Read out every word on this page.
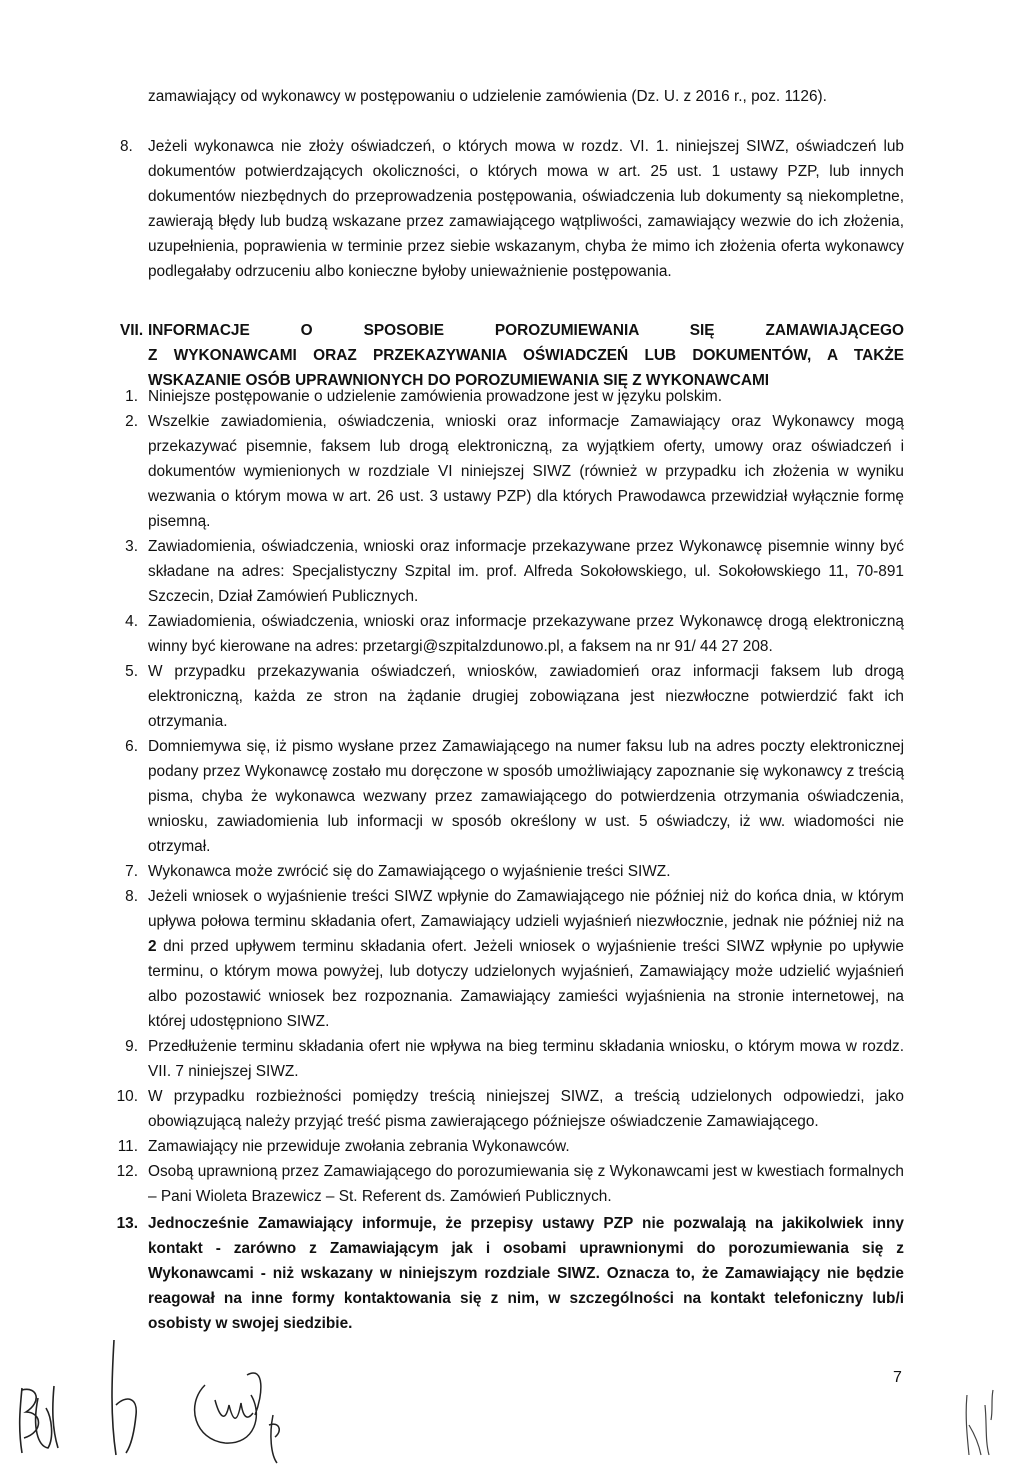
zamawiający od wykonawcy w postępowaniu o udzielenie zamówienia (Dz. U. z 2016 r., poz. 1126).
8. Jeżeli wykonawca nie złoży oświadczeń, o których mowa w rozdz. VI. 1. niniejszej SIWZ, oświadczeń lub dokumentów potwierdzających okoliczności, o których mowa w art. 25 ust. 1 ustawy PZP, lub innych dokumentów niezbędnych do przeprowadzenia postępowania, oświadczenia lub dokumenty są niekompletne, zawierają błędy lub budzą wskazane przez zamawiającego wątpliwości, zamawiający wezwie do ich złożenia, uzupełnienia, poprawienia w terminie przez siebie wskazanym, chyba że mimo ich złożenia oferta wykonawcy podlegałaby odrzuceniu albo konieczne byłoby unieważnienie postępowania.
VII. INFORMACJE O SPOSOBIE POROZUMIEWANIA SIĘ ZAMAWIAJĄCEGO
Z WYKONAWCAMI ORAZ PRZEKAZYWANIA OŚWIADCZEŃ LUB DOKUMENTÓW, A TAKŻE WSKAZANIE OSÓB UPRAWNIONYCH DO POROZUMIEWANIA SIĘ Z WYKONAWCAMI
1. Niniejsze postępowanie o udzielenie zamówienia prowadzone jest w języku polskim.
2. Wszelkie zawiadomienia, oświadczenia, wnioski oraz informacje Zamawiający oraz Wykonawcy mogą przekazywać pisemnie, faksem lub drogą elektroniczną, za wyjątkiem oferty, umowy oraz oświadczeń i dokumentów wymienionych w rozdziale VI niniejszej SIWZ (również w przypadku ich złożenia w wyniku wezwania o którym mowa w art. 26 ust. 3 ustawy PZP) dla których Prawodawca przewidział wyłącznie formę pisemną.
3. Zawiadomienia, oświadczenia, wnioski oraz informacje przekazywane przez Wykonawcę pisemnie winny być składane na adres: Specjalistyczny Szpital im. prof. Alfreda Sokołowskiego, ul. Sokołowskiego 11, 70-891 Szczecin, Dział Zamówień Publicznych.
4. Zawiadomienia, oświadczenia, wnioski oraz informacje przekazywane przez Wykonawcę drogą elektroniczną winny być kierowane na adres: przetargi@szpitalzdunowo.pl, a faksem na nr 91/ 44 27 208.
5. W przypadku przekazywania oświadczeń, wniosków, zawiadomień oraz informacji faksem lub drogą elektroniczną, każda ze stron na żądanie drugiej zobowiązana jest niezwłoczne potwierdzić fakt ich otrzymania.
6. Domniemywa się, iż pismo wysłane przez Zamawiającego na numer faksu lub na adres poczty elektronicznej podany przez Wykonawcę zostało mu doręczone w sposób umożliwiający zapoznanie się wykonawcy z treścią pisma, chyba że wykonawca wezwany przez zamawiającego do potwierdzenia otrzymania oświadczenia, wniosku, zawiadomienia lub informacji w sposób określony w ust. 5 oświadczy, iż ww. wiadomości nie otrzymał.
7. Wykonawca może zwrócić się do Zamawiającego o wyjaśnienie treści SIWZ.
8. Jeżeli wniosek o wyjaśnienie treści SIWZ wpłynie do Zamawiającego nie później niż do końca dnia, w którym upływa połowa terminu składania ofert, Zamawiający udzieli wyjaśnień niezwłocznie, jednak nie później niż na 2 dni przed upływem terminu składania ofert. Jeżeli wniosek o wyjaśnienie treści SIWZ wpłynie po upływie terminu, o którym mowa powyżej, lub dotyczy udzielonych wyjaśnień, Zamawiający może udzielić wyjaśnień albo pozostawić wniosek bez rozpoznania. Zamawiający zamieści wyjaśnienia na stronie internetowej, na której udostępniono SIWZ.
9. Przedłużenie terminu składania ofert nie wpływa na bieg terminu składania wniosku, o którym mowa w rozdz. VII. 7 niniejszej SIWZ.
10. W przypadku rozbieżności pomiędzy treścią niniejszej SIWZ, a treścią udzielonych odpowiedzi, jako obowiązującą należy przyjąć treść pisma zawierającego późniejsze oświadczenie Zamawiającego.
11. Zamawiający nie przewiduje zwołania zebrania Wykonawców.
12. Osobą uprawnioną przez Zamawiającego do porozumiewania się z Wykonawcami jest w kwestiach formalnych – Pani Wioleta Brazewicz – St. Referent ds. Zamówień Publicznych.
13. Jednocześnie Zamawiający informuje, że przepisy ustawy PZP nie pozwalają na jakikolwiek inny kontakt - zarówno z Zamawiającym jak i osobami uprawnionymi do porozumiewania się z Wykonawcami - niż wskazany w niniejszym rozdziale SIWZ. Oznacza to, że Zamawiający nie będzie reagował na inne formy kontaktowania się z nim, w szczególności na kontakt telefoniczny lub/i osobisty w swojej siedzibie.
7
